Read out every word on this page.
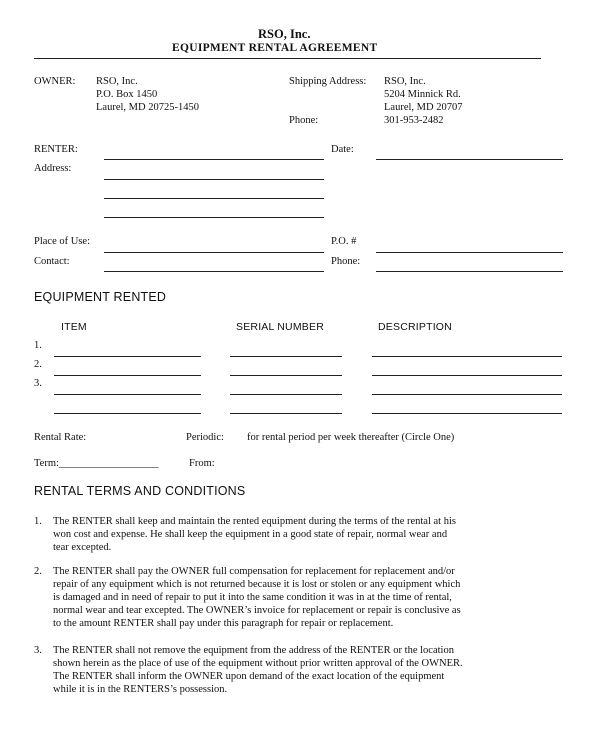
RSO, Inc.
EQUIPMENT RENTAL AGREEMENT
OWNER: RSO, Inc.
P.O. Box 1450
Laurel, MD 20725-1450
Shipping Address: RSO, Inc.
5204 Minnick Rd.
Laurel, MD 20707
Phone:	301-953-2482
RENTER:	Date:
Address:
Place of Use:	P.O. #
Contact:	Phone:
EQUIPMENT RENTED
ITEM	SERIAL NUMBER	DESCRIPTION
1.
2.
3.
Rental Rate:	Periodic: for rental period per week thereafter (Circle One)
Term:___________________	From:
RENTAL TERMS AND CONDITIONS
1. The RENTER shall keep and maintain the rented equipment during the terms of the rental at his
won cost and expense. He shall keep the equipment in a good state of repair, normal wear and
tear excepted.
2. The RENTER shall pay the OWNER full compensation for replacement for replacement and/or
repair of any equipment which is not returned because it is lost or stolen or any equipment which
is damaged and in need of repair to put it into the same condition it was in at the time of rental,
normal wear and tear excepted. The OWNER’s invoice for replacement or repair is conclusive as
to the amount RENTER shall pay under this paragraph for repair or replacement.
3. The RENTER shall not remove the equipment from the address of the RENTER or the location
shown herein as the place of use of the equipment without prior written approval of the OWNER.
The RENTER shall inform the OWNER upon demand of the exact location of the equipment
while it is in the RENTERS’s possession.
